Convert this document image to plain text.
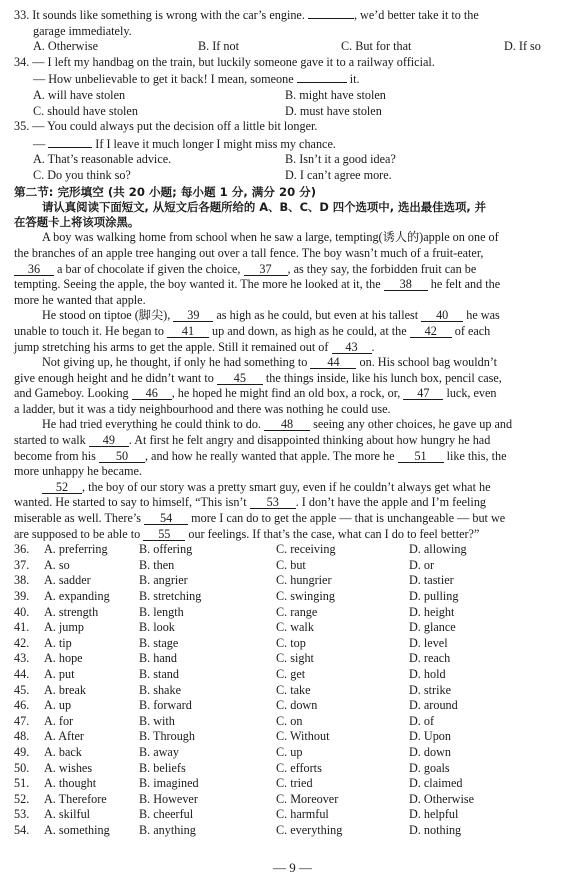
33. It sounds like something is wrong with the car’s engine.	, we’d better take it to the
garage immediately.
A. Otherwise	B. If not	C. But for that	D. If so
34. — I left my handbag on the train, but luckily someone gave it to a railway official.
— How unbelievable to get it back! I mean, someone	it.
A. will have stolen	B. might have stolen
C. should have stolen	D. must have stolen
35. — You could always put the decision off a little bit longer.
—	If I leave it much longer I might miss my chance.
A. That’s reasonable advice.	B. Isn’t it a good idea?
C. Do you think so?	D. I can’t agree more.
第二节: 完形填空 (共 20 小题; 每小题 1 分, 满分 20 分)
请认真阅读下面短文, 从短文后各题所给的 A、B、C、D 四个选项中, 选出最佳选项, 并
在答题卡上将该项涂黑。
A boy was walking home from school when he saw a large, tempting(诱人的)apple on one of
the branches of an apple tree hanging out over a tall fence. The boy wasn’t much of a fruit-eater,
36 a bar of chocolate if given the choice, 37 , as they say, the forbidden fruit can be
tempting. Seeing the apple, the boy wanted it. The more he looked at it, the 38 he felt and the
more he wanted that apple.
He stood on tiptoe (脚尖), 39 as high as he could, but even at his tallest 40 he was
unable to touch it. He began to 41 up and down, as high as he could, at the 42 of each
jump stretching his arms to get the apple. Still it remained out of 43 .
Not giving up, he thought, if only he had something to 44 on. His school bag wouldn’t
give enough height and he didn’t want to 45 the things inside, like his lunch box, pencil case,
and Gameboy. Looking 46 , he hoped he might find an old box, a rock, or, 47 luck, even
a ladder, but it was a tidy neighbourhood and there was nothing he could use.
He had tried everything he could think to do. 48 seeing any other choices, he gave up and
started to walk 49 . At first he felt angry and disappointed thinking about how hungry he had
become from his 50 , and how he really wanted that apple. The more he 51 like this, the
more unhappy he became.
52 , the boy of our story was a pretty smart guy, even if he couldn’t always get what he
wanted. He started to say to himself, “This isn’t 53 . I don’t have the apple and I’m feeling
miserable as well. There’s 54 more I can do to get the apple — that is unchangeable — but we
are supposed to be able to 55 our feelings. If that’s the case, what can I do to feel better?”
36.	A. preferring	B. offering	C. receiving	D. allowing
37.	A. so	B. then	C. but	D. or
38.	A. sadder	B. angrier	C. hungrier	D. tastier
39.	A. expanding	B. stretching	C. swinging	D. pulling
40.	A. strength	B. length	C. range	D. height
41.	A. jump	B. look	C. walk	D. glance
42.	A. tip	B. stage	C. top	D. level
43.	A. hope	B. hand	C. sight	D. reach
44.	A. put	B. stand	C. get	D. hold
45.	A. break	B. shake	C. take	D. strike
46.	A. up	B. forward	C. down	D. around
47.	A. for	B. with	C. on	D. of
48.	A. After	B. Through	C. Without	D. Upon
49.	A. back	B. away	C. up	D. down
50.	A. wishes	B. beliefs	C. efforts	D. goals
51.	A. thought	B. imagined	C. tried	D. claimed
52.	A. Therefore	B. However	C. Moreover	D. Otherwise
53.	A. skilful	B. cheerful	C. harmful	D. helpful
54.	A. something	B. anything	C. everything	D. nothing
— 9 —
